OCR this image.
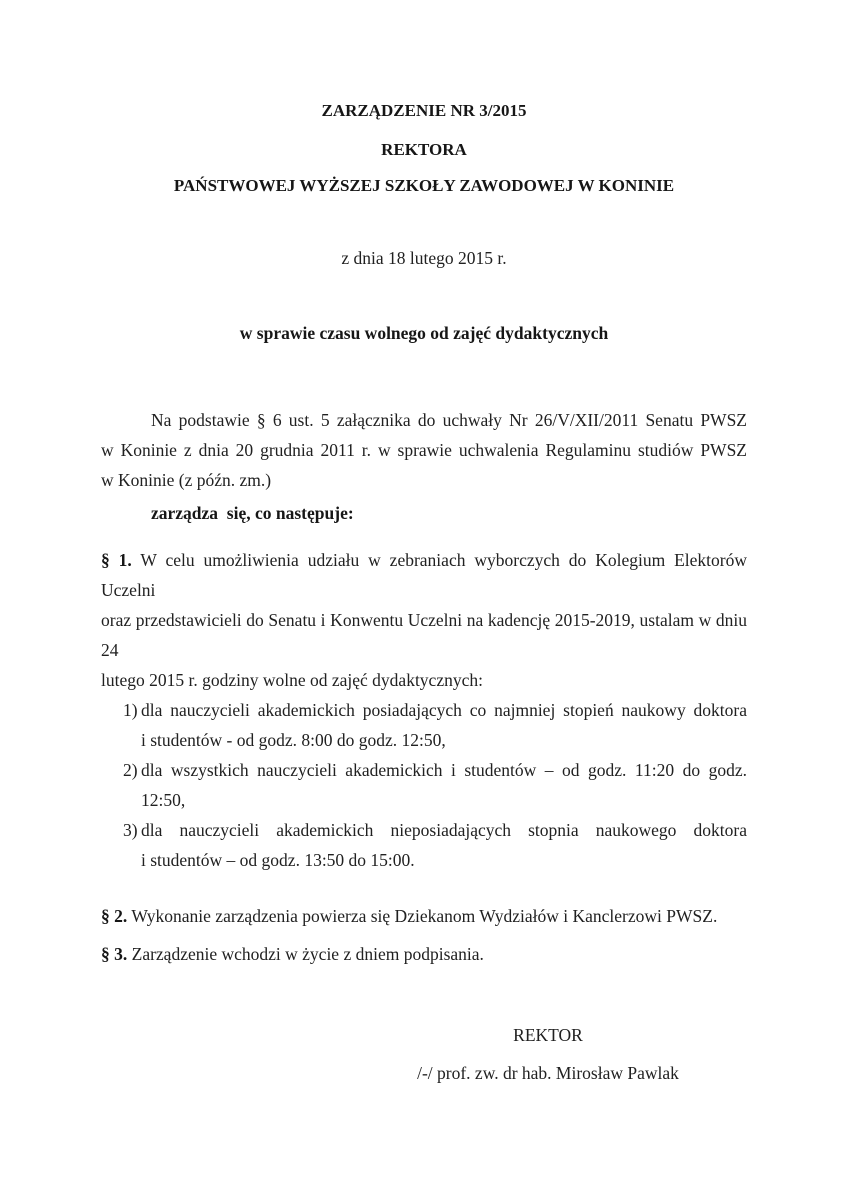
ZARZĄDZENIE NR 3/2015
REKTORA
PAŃSTWOWEJ WYŻSZEJ SZKOŁY ZAWODOWEJ W KONINIE
z dnia 18 lutego 2015 r.
w sprawie czasu wolnego od zajęć dydaktycznych
Na podstawie § 6 ust. 5 załącznika do uchwały Nr 26/V/XII/2011 Senatu PWSZ
w Koninie z dnia 20 grudnia 2011 r. w sprawie uchwalenia Regulaminu studiów PWSZ
w Koninie (z późn. zm.)
zarządza  się, co następuje:
§ 1. W celu umożliwienia udziału w zebraniach wyborczych do Kolegium Elektorów Uczelni
oraz przedstawicieli do Senatu i Konwentu Uczelni na kadencję 2015-2019, ustalam w dniu 24
lutego 2015 r. godziny wolne od zajęć dydaktycznych:
1) dla nauczycieli akademickich posiadających co najmniej stopień naukowy doktora
i studentów - od godz. 8:00 do godz. 12:50,
2) dla wszystkich nauczycieli akademickich i studentów – od godz. 11:20 do godz.
12:50,
3) dla nauczycieli akademickich nieposiadających stopnia naukowego doktora
i studentów – od godz. 13:50 do 15:00.
§ 2. Wykonanie zarządzenia powierza się Dziekanom Wydziałów i Kanclerzowi PWSZ.
§ 3. Zarządzenie wchodzi w życie z dniem podpisania.
REKTOR
/-/ prof. zw. dr hab. Mirosław Pawlak
